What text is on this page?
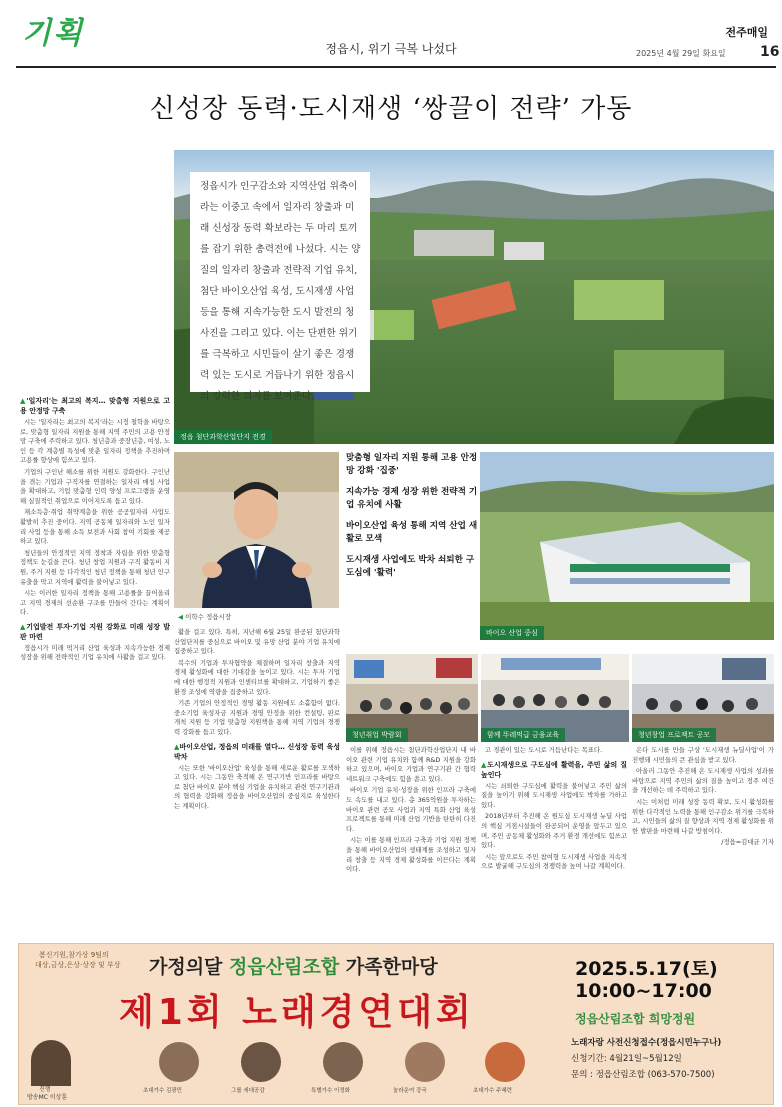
기획	정읍시, 위기 극복 나섰다
전주매일
2025년 4월 29일 화요일 16
신성장 동력·도시재생 ‘쌍끌이 전략’ 가동
정읍 첨단과학산업단지 전경
정읍시가 인구감소와 지역산업 위축이라는 이중고 속에서 일자리 창출과 미래 신성장 동력 확보라는 두 마리 토끼를 잡기 위한 총력전에 나섰다. 시는 양질의 일자리 창출과 전략적 기업 유치, 첨단 바이오산업 육성, 도시재생 사업 등을 통해 지속가능한 도시 발전의 청사진을 그리고 있다. 이는 단편한 위기를 극복하고 시민들이 살기 좋은 경쟁력 있는 도시로 거듭나기 위한 정읍시의 강력한 의지를 보여준다.
◀ 이학수 정읍시장
맞춤형 일자리 지원 통해 고용 안정망 강화 '집중'
지속가능 경제 성장 위한 전략적 기업 유치에 사활
바이오산업 육성 통해 지역 산업 새 활로 모색
도시재생 사업에도 박차 쇠퇴한 구도심에 '활력'
바이오 산업 중심
청년취업 박람회	함께 뚜레먹급 금융교육	청년창업 프로젝트 공모
▲'일자리'는 최고의 복지… 맞춤형 지원으로 고용 안정망 구축

시는 '일자리는 최고의 복지'라는 시정 철학을 바탕으로, 맞춤형 일자리 지원을 통해 지역 주민의 고용 안정망 구축에 주력하고 있다. 청년층과 중장년층, 여성, 노인 등 각 계층별 특성에 맞춘 일자리 정책을 추진하며 고용률 향상에 힘쓰고 있다.

기업의 구인난 해소를 위한 지원도 강화한다. 구인난을 겪는 기업과 구직자를 연결하는 일자리 매칭 사업을 확대하고, 기업 맞춤형 인력 양성 프로그램을 운영해 실질적인 취업으로 이어지도록 돕고 있다.

재소득층·취업 취약계층을 위한 공공일자리 사업도 활발히 추진 중이다. 지역 공동체 일자리와 노인 일자리 사업 등을 통해 소득 보전과 사회 참여 기회를 제공하고 있다.

청년들의 안정적인 지역 정착과 자립을 위한 맞춤형 정책도 눈길을 끈다. 청년 창업 지원과 구직 활동비 지원, 주거 지원 등 다각적인 청년 정책을 통해 청년 인구 유출을 막고 지역에 활력을 불어넣고 있다.

시는 이러한 일자리 정책을 통해 고용률을 끌어올리고 지역 경제의 선순환 구조를 만들어 간다는 계획이다.

▲기업발전 투자·기업 지원 강화로 미래 성장 발판 마련

정읍시가 미래 먹거리 산업 육성과 지속가능한 경제 성장을 위해 전략적인 기업 유치에 사활을 걸고 있다.

활을 걸고 있다. 특히, 지난해 6월 25일 완공된 첨단과학산업단지를 중심으로 바이오 및 유망 산업 분야 기업 유치에 집중하고 있다.

복수의 기업과 투자협약을 체결하며 일자리 창출과 지역 경제 활성화에 대한 기대감을 높이고 있다. 시는 투자 기업에 대한 행정적 지원과 인센티브를 확대하고, 기업하기 좋은 환경 조성에 역량을 집중하고 있다.

기존 기업의 안정적인 경영 활동 지원에도 소홀함이 없다. 중소기업 육성자금 지원과 경영 안정을 위한 컨설팅, 판로 개척 지원 등 기업 맞춤형 지원책을 통해 지역 기업의 경쟁력 강화를 돕고 있다.

▲바이오산업, 정읍의 미래를 열다… 신성장 동력 육성 박차

시는 또한 '바이오산업' 육성을 통해 새로운 활로를 모색하고 있다. 시는 그동안 축적해 온 연구기반 인프라를 바탕으로 첨단 바이오 분야 핵심 기업을 유치하고 관련 연구기관과의 협력을 강화해 정읍을 바이오산업의 중심지로 육성한다는 계획이다.

이를 위해 정읍시는 첨단과학산업단지 내 바이오 관련 기업 유치와 함께 R&D 지원을 강화하고 있으며, 바이오 기업과 연구기관 간 협력 네트워크 구축에도 힘을 쏟고 있다.

바이오 기업 유치·성장을 위한 인프라 구축에도 속도를 내고 있다. 총 365억원을 투자하는 바이오 관련 공모 사업과 지역 특화 산업 육성 프로젝트를 통해 미래 산업 기반을 탄탄히 다진다.

시는 이를 통해 인프라 구축과 기업 지원 정책을 통해 바이오산업의 생태계를 조성하고 일자리 창출 등 지역 경제 활성화를 이끈다는 계획이다.

고 경관이 있는 도시로 거듭난다는 목표다.

▲도시재생으로 구도심에 활력을, 주민 삶의 질 높인다

시는 쇠퇴한 구도심에 활력을 불어넣고 주민 삶의 질을 높이기 위해 도시재생 사업에도 박차를 가하고 있다.

2018년부터 추진해 온 원도심 도시재생 뉴딜 사업의 핵심 거점시설들이 완공되어 운영을 앞두고 있으며, 주민 공동체 활성화와 주거 환경 개선에도 힘쓰고 있다.

시는 앞으로도 주민 참여형 도시재생 사업을 지속적으로 발굴해 구도심의 경쟁력을 높여 나갈 계획이다.

은다 도시를 만들 구상 '도시재생 뉴딜사업'이 가 진행돼 시민들의 큰 관심을 받고 있다.

아울러 그동안 추진해 온 도시재생 사업의 성과를 바탕으로 지역 주민의 삶의 질을 높이고 정주 여건을 개선하는 데 주력하고 있다.

시는 이처럼 미래 성장 동력 확보, 도시 활성화를 위한 다각적인 노력을 통해 인구감소 위기를 극복하고, 시민들의 삶의 질 향상과 지역 경제 활성화를 위한 발판을 마련해 나갈 방침이다.

/정읍=김대균 기자

봄신기원,참가상 9팀의
대상,금상,은상·상장 및 부상 가정의달 정읍산림조합 가족한마당
제1회 노래경연대회
2025.5.17(토)
10:00~17:00
정읍산림조합 희망정원
노래자랑 사전신청접수(정읍시민누구나)
신청기간: 4월21일~5월12일
문의 : 정읍산림조합 (063-570-7500)
진행
방송MC 이상훈
초대가수 김광민	그룹 세대공감	특별가수 이정화	놀라운여 강국	초대가수 주혜련
